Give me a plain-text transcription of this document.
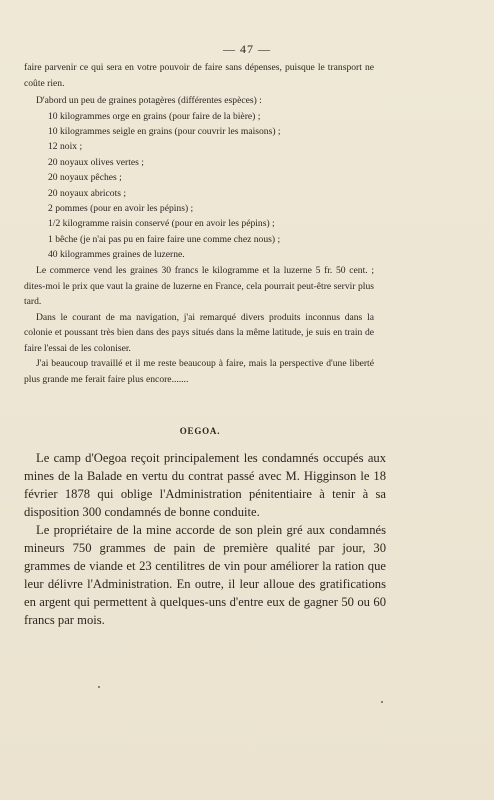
— 47 —

faire parvenir ce qui sera en votre pouvoir de faire sans dépenses, puisque le transport ne coûte rien.

D'abord un peu de graines potagères (différentes espèces) :

10 kilogrammes orge en grains (pour faire de la bière) ;
10 kilogrammes seigle en grains (pour couvrir les maisons) ;
12 noix ;
20 noyaux olives vertes ;
20 noyaux pêches ;
20 noyaux abricots ;
2 pommes (pour en avoir les pépins) ;
1/2 kilogramme raisin conservé (pour en avoir les pépins) ;
1 bêche (je n'ai pas pu en faire faire une comme chez nous) ;
40 kilogrammes graines de luzerne.

Le commerce vend les graines 30 francs le kilogramme et la luzerne 5 fr. 50 cent. ; dites-moi le prix que vaut la graine de luzerne en France, cela pourrait peut-être servir plus tard.

Dans le courant de ma navigation, j'ai remarqué divers produits inconnus dans la colonie et poussant très bien dans des pays situés dans la même latitude, je suis en train de faire l'essai de les coloniser.

J'ai beaucoup travaillé et il me reste beaucoup à faire, mais la perspective d'une liberté plus grande me ferait faire plus encore.......

OEGOA.

Le camp d'Oegoa reçoit principalement les condamnés occupés aux mines de la Balade en vertu du contrat passé avec M. Higginson le 18 février 1878 qui oblige l'Administration pénitentiaire à tenir à sa disposition 300 condamnés de bonne conduite.

Le propriétaire de la mine accorde de son plein gré aux condamnés mineurs 750 grammes de pain de première qualité par jour, 30 grammes de viande et 23 centilitres de vin pour améliorer la ration que leur délivre l'Administration. En outre, il leur alloue des gratifications en argent qui permettent à quelques-uns d'entre eux de gagner 50 ou 60 francs par mois.
